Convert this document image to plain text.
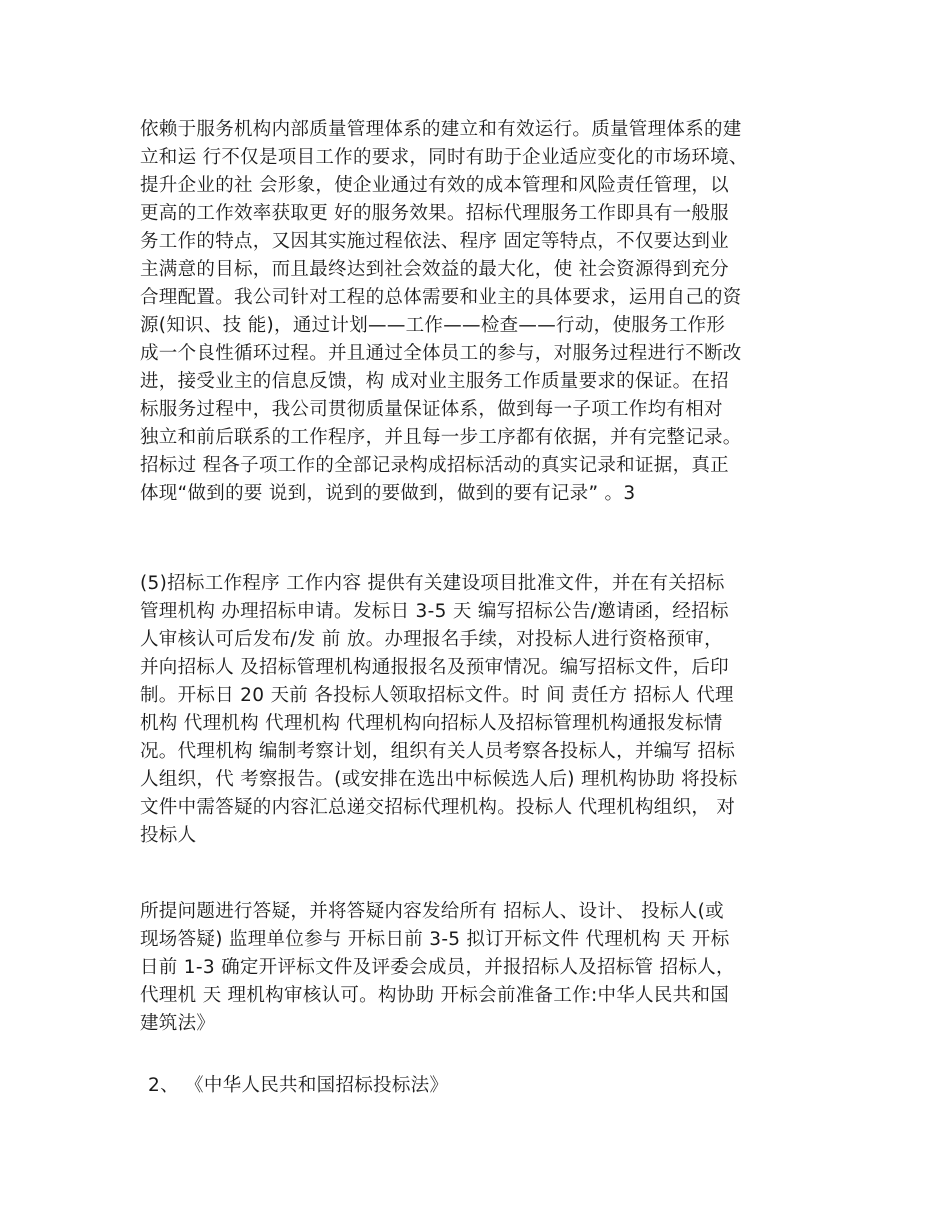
依赖于服务机构内部质量管理体系的建立和有效运行。质量管理体系的建
立和运 行不仅是项目工作的要求，同时有助于企业适应变化的市场环境、
提升企业的社 会形象，使企业通过有效的成本管理和风险责任管理，以
更高的工作效率获取更 好的服务效果。招标代理服务工作即具有一般服
务工作的特点，又因其实施过程依法、程序 固定等特点，不仅要达到业
主满意的目标，而且最终达到社会效益的最大化，使 社会资源得到充分
合理配置。我公司针对工程的总体需要和业主的具体要求，运用自己的资
源(知识、技 能)，通过计划——工作——检查——行动，使服务工作形
成一个良性循环过程。并且通过全体员工的参与，对服务过程进行不断改
进，接受业主的信息反馈，构 成对业主服务工作质量要求的保证。在招
标服务过程中，我公司贯彻质量保证体系，做到每一子项工作均有相对
独立和前后联系的工作程序，并且每一步工序都有依据，并有完整记录。
招标过 程各子项工作的全部记录构成招标活动的真实记录和证据，真正
体现“做到的要 说到，说到的要做到，做到的要有记录” 。3
(5)招标工作程序 工作内容 提供有关建设项目批准文件，并在有关招标
管理机构 办理招标申请。发标日 3-5 天 编写招标公告/邀请函，经招标
人审核认可后发布/发 前 放。办理报名手续，对投标人进行资格预审，
并向招标人 及招标管理机构通报报名及预审情况。编写招标文件，后印
制。开标日 20 天前 各投标人领取招标文件。时 间 责任方 招标人 代理
机构 代理机构 代理机构 代理机构向招标人及招标管理机构通报发标情
况。代理机构 编制考察计划，组织有关人员考察各投标人，并编写 招标
人组织，代 考察报告。(或安排在选出中标候选人后) 理机构协助 将投标
文件中需答疑的内容汇总递交招标代理机构。投标人 代理机构组织， 对
投标人
所提问题进行答疑，并将答疑内容发给所有 招标人、设计、 投标人(或
现场答疑) 监理单位参与 开标日前 3-5 拟订开标文件 代理机构 天 开标
日前 1-3 确定开评标文件及评委会成员，并报招标人及招标管 招标人，
代理机 天 理机构审核认可。构协助 开标会前准备工作:中华人民共和国
建筑法》
2、 《中华人民共和国招标投标法》
